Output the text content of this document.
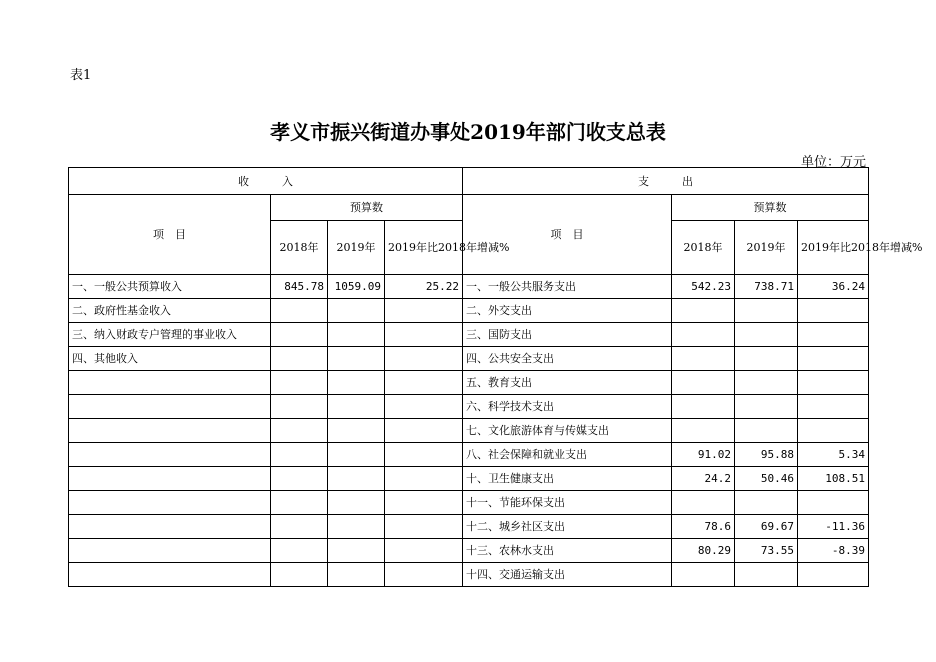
表1
孝义市振兴街道办事处2019年部门收支总表
单位：万元
收　　　入				支　　　出			
项　目	预算数			项　目	预算数		
	2018年	2019年	2019年比2018年增减%		2018年	2019年	2019年比2018年增减%
一、一般公共预算收入	845.78	1059.09	25.22	一、一般公共服务支出	542.23	738.71	36.24
二、政府性基金收入				二、外交支出			
三、纳入财政专户管理的事业收入				三、国防支出			
四、其他收入				四、公共安全支出			
				五、教育支出			
				六、科学技术支出			
				七、文化旅游体育与传媒支出			
				八、社会保障和就业支出	91.02	95.88	5.34
				十、卫生健康支出	24.2	50.46	108.51
				十一、节能环保支出			
				十二、城乡社区支出	78.6	69.67	-11.36
				十三、农林水支出	80.29	73.55	-8.39
				十四、交通运输支出			
